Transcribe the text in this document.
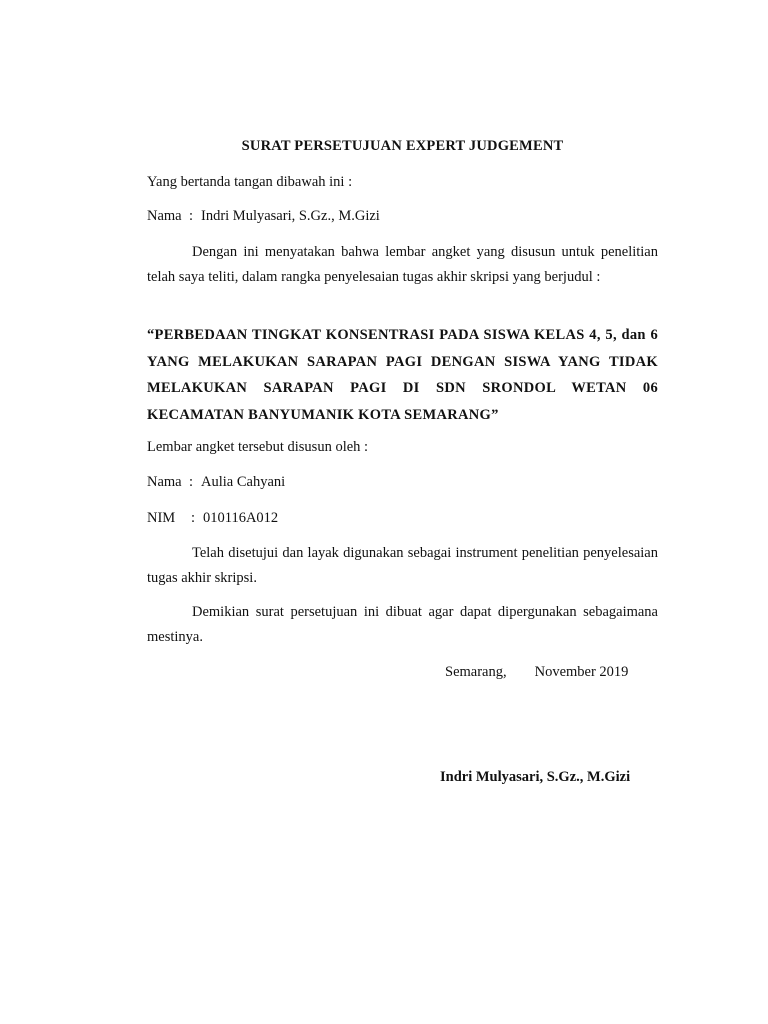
SURAT PERSETUJUAN EXPERT JUDGEMENT
Yang bertanda tangan dibawah ini :
Nama : Indri Mulyasari, S.Gz., M.Gizi
Dengan ini menyatakan bahwa lembar angket yang disusun untuk penelitian telah saya teliti, dalam rangka penyelesaian tugas akhir skripsi yang berjudul :
“PERBEDAAN TINGKAT KONSENTRASI PADA SISWA KELAS 4, 5, dan 6 YANG MELAKUKAN SARAPAN PAGI DENGAN SISWA YANG TIDAK MELAKUKAN SARAPAN PAGI DI SDN SRONDOL WETAN 06 KECAMATAN BANYUMANIK KOTA SEMARANG”
Lembar angket tersebut disusun oleh :
Nama : Aulia Cahyani
NIM : 010116A012
Telah disetujui dan layak digunakan sebagai instrument penelitian penyelesaian tugas akhir skripsi.
Demikian surat persetujuan ini dibuat agar dapat dipergunakan sebagaimana mestinya.
Semarang, November 2019
Indri Mulyasari, S.Gz., M.Gizi
